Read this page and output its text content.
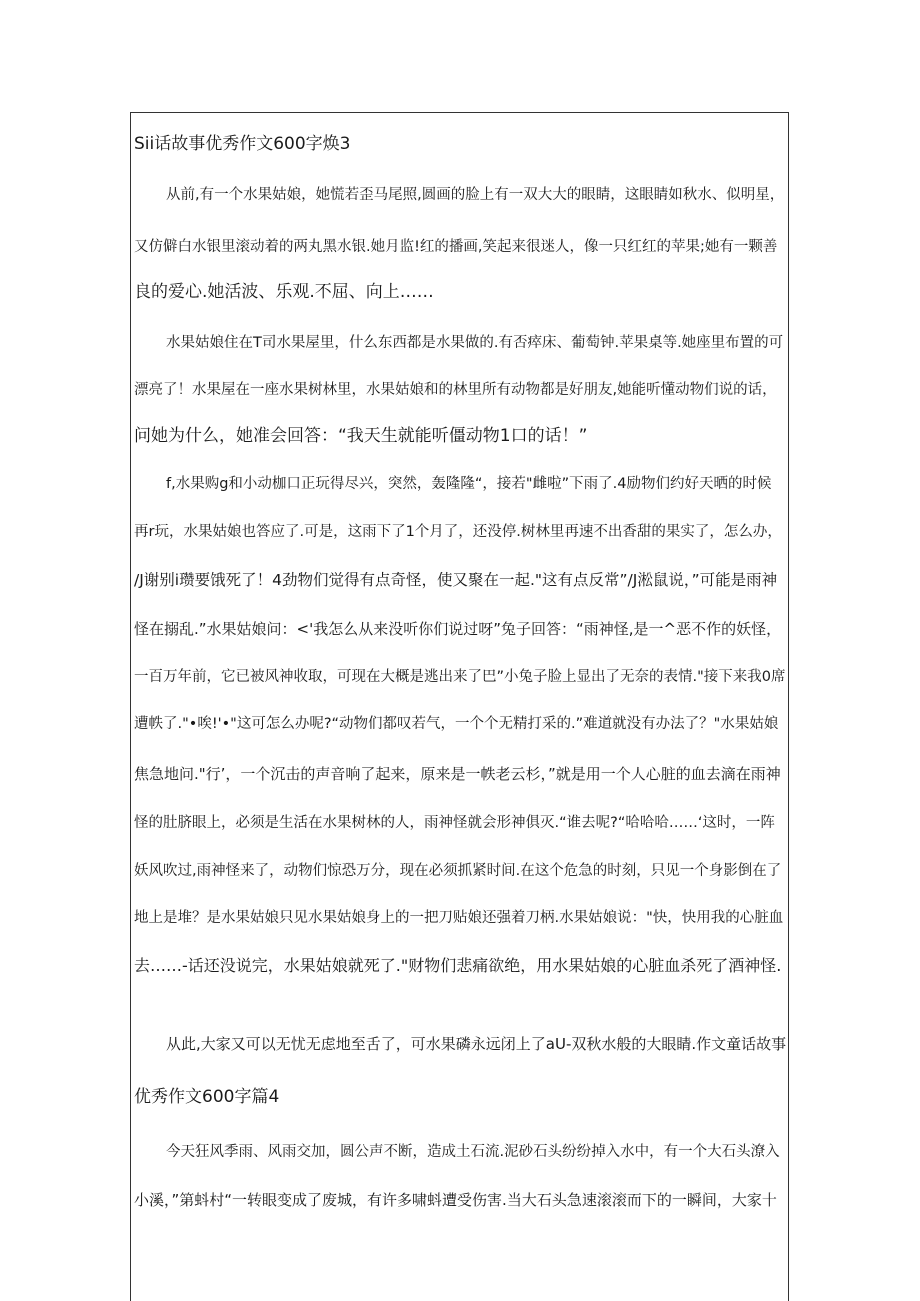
Sii话故事优秀作文600字焕3
从前,有一个水果姑娘，她慌若歪马尾照,圆画的脸上有一双大大的眼睛，这眼睛如秋水、似明星，
又仿僻白水银里滚动着的两丸黑水银.她月监!红的播画,笑起来很迷人，像一只红红的苹果;她有一颗善
良的爱心.她活波、乐观.不屈、向上……
水果姑娘住在T司水果屋里，什么东西都是水果做的.有否瘁床、葡萄钟.苹果桌等.她座里布置的可
漂亮了！水果屋在一座水果树林里，水果姑娘和的林里所有动物都是好朋友,她能听懂动物们说的话，
问她为什么，她准会回答：“我天生就能听僵动物1口的话！”
f,水果购g和小动枷口正玩得尽兴，突然，轰隆隆“，接若"雌啦”下雨了.4励物们约好天晒的时候
再r玩，水果姑娘也答应了.可是，这雨下了1个月了，还没停.树林里再速不出香甜的果实了，怎么办，
/J谢别i瓒要饿死了！4劲物们觉得有点奇怪，使又聚在一起."这有点反常”/J淞鼠说，”可能是雨神
怪在搦乱.”水果姑娘问：<'我怎么从来没听你们说过呀”兔子回答：“雨神怪,是一^恶不作的妖怪，
一百万年前，它已被风神收取，可现在大概是逃出来了巴”小兔子脸上显出了无奈的表情."接下来我0席
遭帙了."•唉!'•"这可怎么办呢?“动物们都叹若气，一个个无精打采的.”难道就没有办法了？"水果姑娘
焦急地问."行’，一个沉击的声音响了起来，原来是一帙老云杉，”就是用一个人心脏的血去滴在雨神
怪的肚脐眼上，必须是生活在水果树林的人，雨神怪就会形神俱灭.“谁去呢?“哈哈哈……‘这时，一阵
妖风吹过,雨神怪来了，动物们惊恐万分，现在必须抓紧时间.在这个危急的时刻，只见一个身影倒在了
地上是堆？是水果姑娘只见水果姑娘身上的一把刀贴娘还强着刀柄.水果姑娘说："快，快用我的心脏血
去……-话还没说完，水果姑娘就死了."财物们悲痛欲绝，用水果姑娘的心脏血杀死了酒神怪.
从此,大家又可以无忧无虑地至舌了，可水果磷永远闭上了aU-双秋水般的大眼睛.作文童话故事
优秀作文600字篇4
今天狂风季雨、风雨交加，圆公声不断，造成土石流.泥砂石头纷纷掉入水中，有一个大石头潦入
小溪，”第蚪村“一转眼变成了废城，有许多啸蚪遭受伤害.当大石头急速滚滚而下的一瞬间，大家十
